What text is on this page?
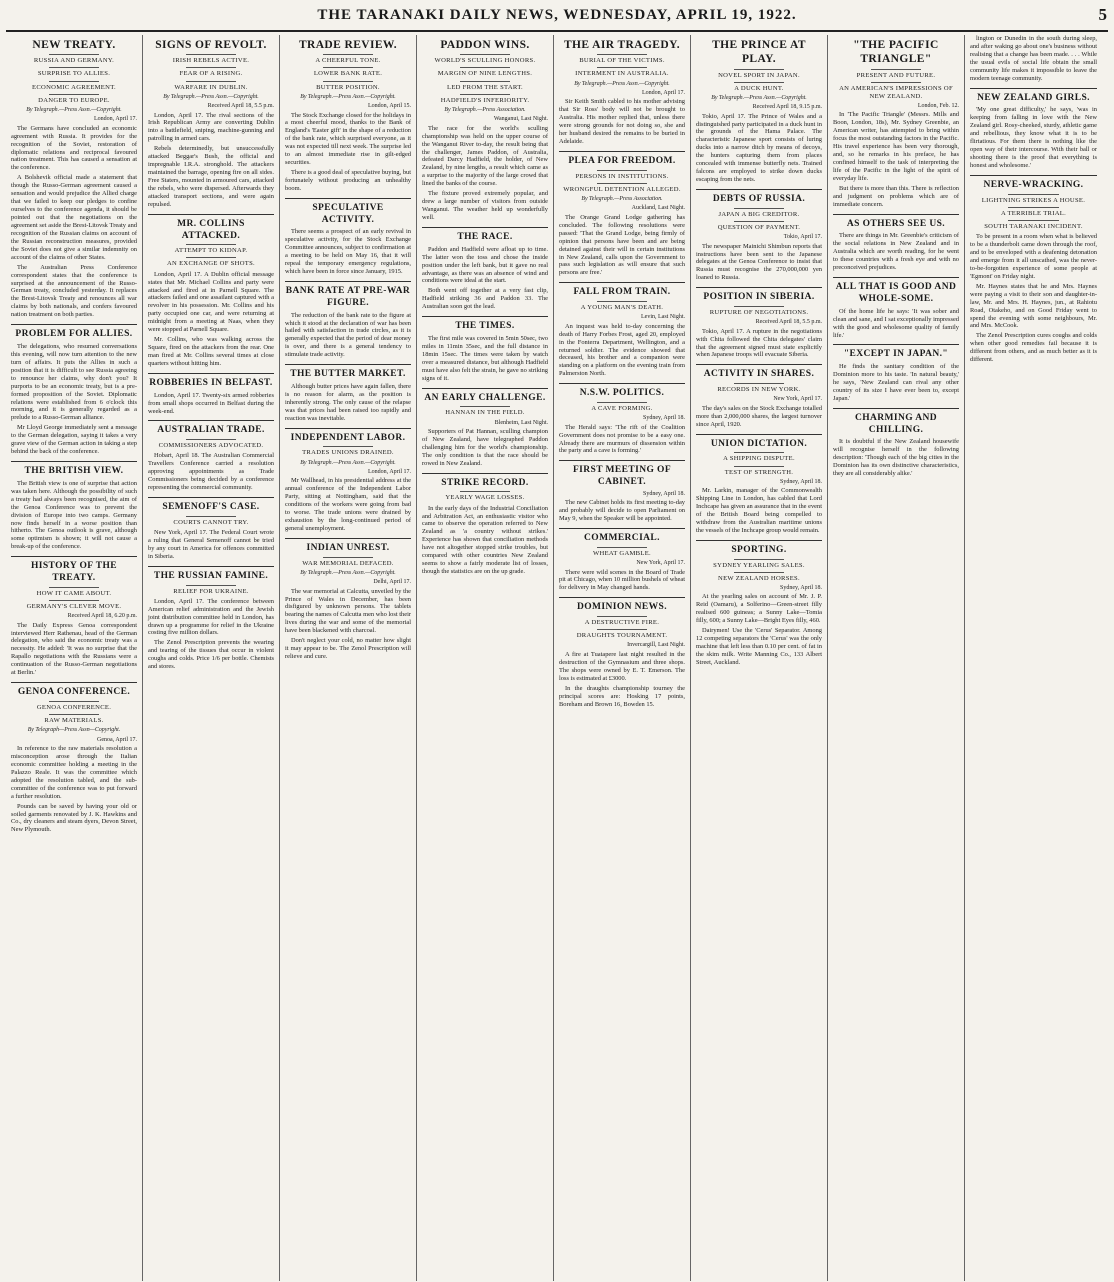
THE TARANAKI DAILY NEWS, WEDNESDAY, APRIL 19, 1922.	5
NEW TREATY.
RUSSIA AND GERMANY.
SURPRISE TO ALLIES.
ECONOMIC AGREEMENT.
DANGER TO EUROPE.
By Telegraph.—Press Assn.—Copyright.
London, April 17.

The Germans have concluded an economic agreement with Russia. It provides for the recognition of the Soviet, restoration of diplomatic relations and reciprocal favoured nation treatment. This has caused a sensation at the conference.

A Bolshevik official made a statement that though the Russo-German agreement caused a sensation and would prejudice the Allied charge that we failed to keep our pledges to confine ourselves to the conference agenda, it should be pointed out that the negotiations on the agreement set aside the Brest-Litovsk Treaty and recognition of the Russian claims on account of the Russian reconstruction measures, provided the Soviet does not give a similar indemnity on account of the claims of other States.

The Australian Press Conference correspondent states that the conference is surprised at the announcement of the Russo-German treaty, concluded yesterday. It replaces the Brest-Litovsk Treaty and renounces all war claims by both nationals, and confers favoured nation treatment on both parties.

PROBLEM FOR ALLIES.

The delegations, who resumed conversations this evening, will now turn attention to the new turn of affairs. It puts the Allies in such a position that it is difficult to see Russia agreeing to renounce her claims, why don't you? It purports to be an economic treaty, but is a pre-formed proposition of the Soviet. Diplomatic relations were established from 6 o'clock this morning, and it is generally regarded as a prelude to a Russo-German alliance.

Mr Lloyd George immediately sent a message to the German delegation, saying it takes a very grave view of the German action in taking a step behind the back of the conference.

THE BRITISH VIEW.

The British view is one of surprise that action was taken here. Although the possibility of such a treaty had always been recognised, the aim of the Genoa Conference was to prevent the division of Europe into two camps. Germany now finds herself in a worse position than hitherto. The Genoa outlook is grave, although some optimism is shown; it will not cause a break-up of the conference.

HISTORY OF THE TREATY.
HOW IT CAME ABOUT.
GERMANY'S CLEVER MOVE.
Received April 18, 6.20 p.m.

The Daily Express Genoa correspondent interviewed Herr Rathenau, head of the German delegation, who said the economic treaty was a necessity. He added: 'It was no surprise that the Rapallo negotiations with the Russians were a continuation of the Russo-German negotiations at Berlin.'

GENOA CONFERENCE.
GENOA CONFERENCE.
RAW MATERIALS.
By Telegraph—Press Assn—Copyright.
Genoa, April 17.

In reference to the raw materials resolution a misconception arose through the Italian economic committee holding a meeting in the Palazzo Reale. It was the committee which adopted the resolution tabled, and the sub-committee of the conference was to put forward a further resolution.

Pounds can be saved by having your old or soiled garments renovated by J. K. Hawkins and Co., dry cleaners and steam dyers, Devon Street, New Plymouth.

SIGNS OF REVOLT.
IRISH REBELS ACTIVE.
FEAR OF A RISING.
WARFARE IN DUBLIN.
By Telegraph.—Press Assn.—Copyright.
Received April 18, 5.5 p.m.

London, April 17. The rival sections of the Irish Republican Army are converting Dublin into a battlefield, sniping, machine-gunning and patrolling in armed cars.

Rebels determinedly, but unsuccessfully attacked Beggar's Bush, the official and impregnable I.R.A. stronghold. The attackers maintained the barrage, opening fire on all sides. Free Staters, mounted in armoured cars, attacked the rebels, who were dispersed. Afterwards they attacked transport sections, and were again repulsed.

MR. COLLINS ATTACKED.
ATTEMPT TO KIDNAP.
AN EXCHANGE OF SHOTS.

London, April 17. A Dublin official message states that Mr. Michael Collins and party were attacked and fired at in Parnell Square. The attackers failed and one assailant captured with a revolver in his possession. Mr. Collins and his party occupied one car, and were returning at midnight from a meeting at Naas, when they were stopped at Parnell Square.

Mr. Collins, who was walking across the Square, fired on the attackers from the rear. One man fired at Mr. Collins several times at close quarters without hitting him.

ROBBERIES IN BELFAST.

London, April 17. Twenty-six armed robberies from small shops occurred in Belfast during the week-end.

AUSTRALIAN TRADE.
COMMISSIONERS ADVOCATED.

Hobart, April 18. The Australian Commercial Travellers Conference carried a resolution approving appointments as Trade Commissioners being decided by a conference representing the commercial community.

SEMENOFF'S CASE.
COURTS CANNOT TRY.

New York, April 17. The Federal Court wrote a ruling that General Semenoff cannot be tried by any court in America for offences committed in Siberia.

THE RUSSIAN FAMINE.
RELIEF FOR UKRAINE.

London, April 17. The conference between American relief administration and the Jewish joint distribution committee held in London, has drawn up a programme for relief in the Ukraine costing five million dollars.

The Zenol Prescription prevents the wearing and tearing of the tissues that occur in violent coughs and colds. Price 1/6 per bottle. Chemists and stores.

TRADE REVIEW.
A CHEERFUL TONE.
LOWER BANK RATE.
BUTTER POSITION.
By Telegraph.—Press Assn.—Copyright.
London, April 15.

The Stock Exchange closed for the holidays in a most cheerful mood, thanks to the Bank of England's 'Easter gift' in the shape of a reduction of the bank rate, which surprised everyone, as it was not expected till next week. The surprise led to an almost immediate rise in gilt-edged securities.

There is a good deal of speculative buying, but fortunately without producing an unhealthy boom.

SPECULATIVE ACTIVITY.

There seems a prospect of an early revival in speculative activity, for the Stock Exchange Committee announces, subject to confirmation at a meeting to be held on May 16, that it will repeal the temporary emergency regulations, which have been in force since January, 1915.

BANK RATE AT PRE-WAR FIGURE.

The reduction of the bank rate to the figure at which it stood at the declaration of war has been hailed with satisfaction in trade circles, as it is generally expected that the period of dear money is over, and there is a general tendency to stimulate trade activity.

THE BUTTER MARKET.

Although butter prices have again fallen, there is no reason for alarm, as the position is inherently strong. The only cause of the relapse was that prices had been raised too rapidly and reaction was inevitable.

INDEPENDENT LABOR.
TRADES UNIONS DRAINED.
By Telegraph.—Press Assn.—Copyright.
London, April 17.

Mr Wallhead, in his presidential address at the annual conference of the Independent Labor Party, sitting at Nottingham, said that the conditions of the workers were going from bad to worse. The trade unions were drained by exhaustion by the long-continued period of general unemployment.

INDIAN UNREST.
WAR MEMORIAL DEFACED.
By Telegraph.—Press Assn.—Copyright.
Delhi, April 17.

The war memorial at Calcutta, unveiled by the Prince of Wales in December, has been disfigured by unknown persons. The tablets bearing the names of Calcutta men who lost their lives during the war and some of the memorial have been blackened with charcoal.

Don't neglect your cold, no matter how slight it may appear to be. The Zenol Prescription will relieve and cure.

PADDON WINS.
WORLD'S SCULLING HONORS.
MARGIN OF NINE LENGTHS.
LED FROM THE START.
HADFIELD'S INFERIORITY.
By Telegraph.—Press Association.
Wanganui, Last Night.

The race for the world's sculling championship was held on the upper course of the Wanganui River to-day, the result being that the challenger, James Paddon, of Australia, defeated Darcy Hadfield, the holder, of New Zealand, by nine lengths, a result which came as a surprise to the majority of the large crowd that lined the banks of the course.

The fixture proved extremely popular, and drew a large number of visitors from outside Wanganui. The weather held up wonderfully well.

THE RACE.

Paddon and Hadfield were afloat up to time. The latter won the toss and chose the inside position under the left bank, but it gave no real advantage, as there was an absence of wind and conditions were ideal at the start.

Both went off together at a very fast clip, Hadfield striking 36 and Paddon 33. The Australian soon got the lead.

THE TIMES.

The first mile was covered in 5min 50sec, two miles in 11min 35sec, and the full distance in 18min 15sec. The times were taken by watch over a measured distance, but although Hadfield must have also felt the strain, he gave no striking signs of it.

AN EARLY CHALLENGE.
HANNAN IN THE FIELD.
Blenheim, Last Night.

Supporters of Pat Hannan, sculling champion of New Zealand, have telegraphed Paddon challenging him for the world's championship. The only condition is that the race should be rowed in New Zealand.

STRIKE RECORD.
YEARLY WAGE LOSSES.

In the early days of the Industrial Conciliation and Arbitration Act, an enthusiastic visitor who came to observe the operation referred to New Zealand as 'a country without strikes.' Experience has shown that conciliation methods have not altogether stopped strike troubles, but compared with other countries New Zealand seems to show a fairly moderate list of losses, though the statistics are on the up grade.

THE AIR TRAGEDY.
BURIAL OF THE VICTIMS.
INTERMENT IN AUSTRALIA.
By Telegraph.—Press Assn.—Copyright.
London, April 17.

Sir Keith Smith cabled to his mother advising that Sir Ross' body will not be brought to Australia. His mother replied that, unless there were strong grounds for not doing so, she and her husband desired the remains to be buried in Adelaide.

PLEA FOR FREEDOM.
PERSONS IN INSTITUTIONS.
WRONGFUL DETENTION ALLEGED.
By Telegraph.—Press Association.
Auckland, Last Night.

The Orange Grand Lodge gathering has concluded. The following resolutions were passed: 'That the Grand Lodge, being firmly of opinion that persons have been and are being detained against their will in certain institutions in New Zealand, calls upon the Government to pass such legislation as will ensure that such persons are free.'

FALL FROM TRAIN.
A YOUNG MAN'S DEATH.
Levin, Last Night.

An inquest was held to-day concerning the death of Harry Forbes Frost, aged 20, employed in the Fonterra Department, Wellington, and a returned soldier. The evidence showed that deceased, his brother and a companion were standing on a platform on the evening train from Palmerston North.

N.S.W. POLITICS.
A CAVE FORMING.
Sydney, April 18.

The Herald says: 'The rift of the Coalition Government does not promise to be a easy one. Already there are murmurs of dissension within the party and a cave is forming.'

FIRST MEETING OF CABINET.
Sydney, April 18.

The new Cabinet holds its first meeting to-day and probably will decide to open Parliament on May 9, when the Speaker will be appointed.

COMMERCIAL.
WHEAT GAMBLE.
New York, April 17.

There were wild scenes in the Board of Trade pit at Chicago, when 10 million bushels of wheat for delivery in May changed hands.

DOMINION NEWS.
A DESTRUCTIVE FIRE.
DRAUGHTS TOURNAMENT.
Invercargill, Last Night.

A fire at Tuatapere last night resulted in the destruction of the Gymnasium and three shops. The shops were owned by E. T. Emerson. The loss is estimated at £3000.

In the draughts championship tourney the principal scores are: Hosking 17 points, Boreham and Brown 16, Bowden 15.

THE PRINCE AT PLAY.
NOVEL SPORT IN JAPAN.
A DUCK HUNT.
By Telegraph.—Press Assn.—Copyright.
Received April 18, 9.15 p.m.

Tokio, April 17. The Prince of Wales and a distinguished party participated in a duck hunt in the grounds of the Hama Palace. The characteristic Japanese sport consists of luring ducks into a narrow ditch by means of decoys, the hunters capturing them from places concealed with immense butterfly nets. Trained falcons are employed to strike down ducks escaping from the nets.

DEBTS OF RUSSIA.
JAPAN A BIG CREDITOR.
QUESTION OF PAYMENT.
Tokio, April 17.

The newspaper Mainichi Shimbun reports that instructions have been sent to the Japanese delegates at the Genoa Conference to insist that Russia must recognise the 270,000,000 yen loaned to Russia.

POSITION IN SIBERIA.
RUPTURE OF NEGOTIATIONS.
Received April 18, 5.5 p.m.

Tokio, April 17. A rupture in the negotiations with Chita followed the Chita delegates' claim that the agreement signed must state explicitly when Japanese troops will evacuate Siberia.

ACTIVITY IN SHARES.
RECORDS IN NEW YORK.
New York, April 17.

The day's sales on the Stock Exchange totalled more than 2,000,000 shares, the largest turnover since April, 1920.

UNION DICTATION.
A SHIPPING DISPUTE.
TEST OF STRENGTH.
Sydney, April 18.

Mr. Larkin, manager of the Commonwealth Shipping Line in London, has cabled that Lord Inchcape has given an assurance that in the event of the British Board being compelled to withdraw from the Australian maritime unions the vessels of the Inchcape group would remain.

SPORTING.
SYDNEY YEARLING SALES.
NEW ZEALAND HORSES.
Sydney, April 18.

At the yearling sales on account of Mr. J. P. Reid (Oamaru), a Solferino—Green-street filly realised 600 guineas; a Sunny Lake—Tomia filly, 600; a Sunny Lake—Bright Eyes filly, 460.

Dairymen! Use the 'Cerus' Separator. Among 12 competing separators the 'Cerus' was the only machine that left less than 0.10 per cent. of fat in the skim milk. Write Manning Co., 133 Albert Street, Auckland.

"THE PACIFIC TRIANGLE"
PRESENT AND FUTURE.
AN AMERICAN'S IMPRESSIONS OF NEW ZEALAND.
London, Feb. 12.

In 'The Pacific Triangle' (Messrs. Mills and Boon, London, 18s), Mr. Sydney Greenbie, an American writer, has attempted to bring within focus the most outstanding factors in the Pacific. His travel experience has been very thorough, and, so he remarks in his preface, he has confined himself to the task of interpreting the life of the Pacific in the light of the spirit of everyday life.

But there is more than this. There is reflection and judgment on problems which are of immediate concern.

AS OTHERS SEE US.

There are things in Mr. Greenbie's criticism of the social relations in New Zealand and in Australia which are worth reading, for he went to these countries with a fresh eye and with no preconceived prejudices.

ALL THAT IS GOOD AND WHOLE-SOME.

Of the home life he says: 'It was sober and clean and sane, and I sat exceptionally impressed with the good and wholesome quality of family life.'

"EXCEPT IN JAPAN."

He finds the sanitary condition of the Dominion more to his taste. 'In natural beauty,' he says, 'New Zealand can rival any other country of its size I have ever been to, except Japan.'

CHARMING AND CHILLING.

It is doubtful if the New Zealand housewife will recognise herself in the following description: 'Though each of the big cities in the Dominion has its own distinctive characteristics, they are all considerably alike.'

lington or Dunedin in the south during sleep, and after waking go about one's business without realising that a change has been made. . . . While the usual evils of social life obtain the small community life makes it impossible to leave the modern teenage community.

NEW ZEALAND GIRLS.

'My one great difficulty,' he says, 'was in keeping from falling in love with the New Zealand girl. Rosy-cheeked, sturdy, athletic game and rebellious, they know what it is to be flirtatious. For them there is nothing like the open way of their intercourse. With their ball or shooting there is the proof that everything is honest and wholesome.'

NERVE-WRACKING.
LIGHTNING STRIKES A HOUSE.
A TERRIBLE TRIAL.
SOUTH TARANAKI INCIDENT.

To be present in a room when what is believed to be a thunderbolt came down through the roof, and to be enveloped with a deafening detonation and emerge from it all unscathed, was the never-to-be-forgotten experience of some people at 'Egmont' on Friday night.

Mr. Haynes states that he and Mrs. Haynes were paying a visit to their son and daughter-in-law, Mr. and Mrs. H. Haynes, jun., at Rahiotu Road, Otakeho, and on Good Friday went to spend the evening with some neighbours, Mr. and Mrs. McCook.

The Zenol Prescription cures coughs and colds when other good remedies fail because it is different from others, and as much better as it is different.
